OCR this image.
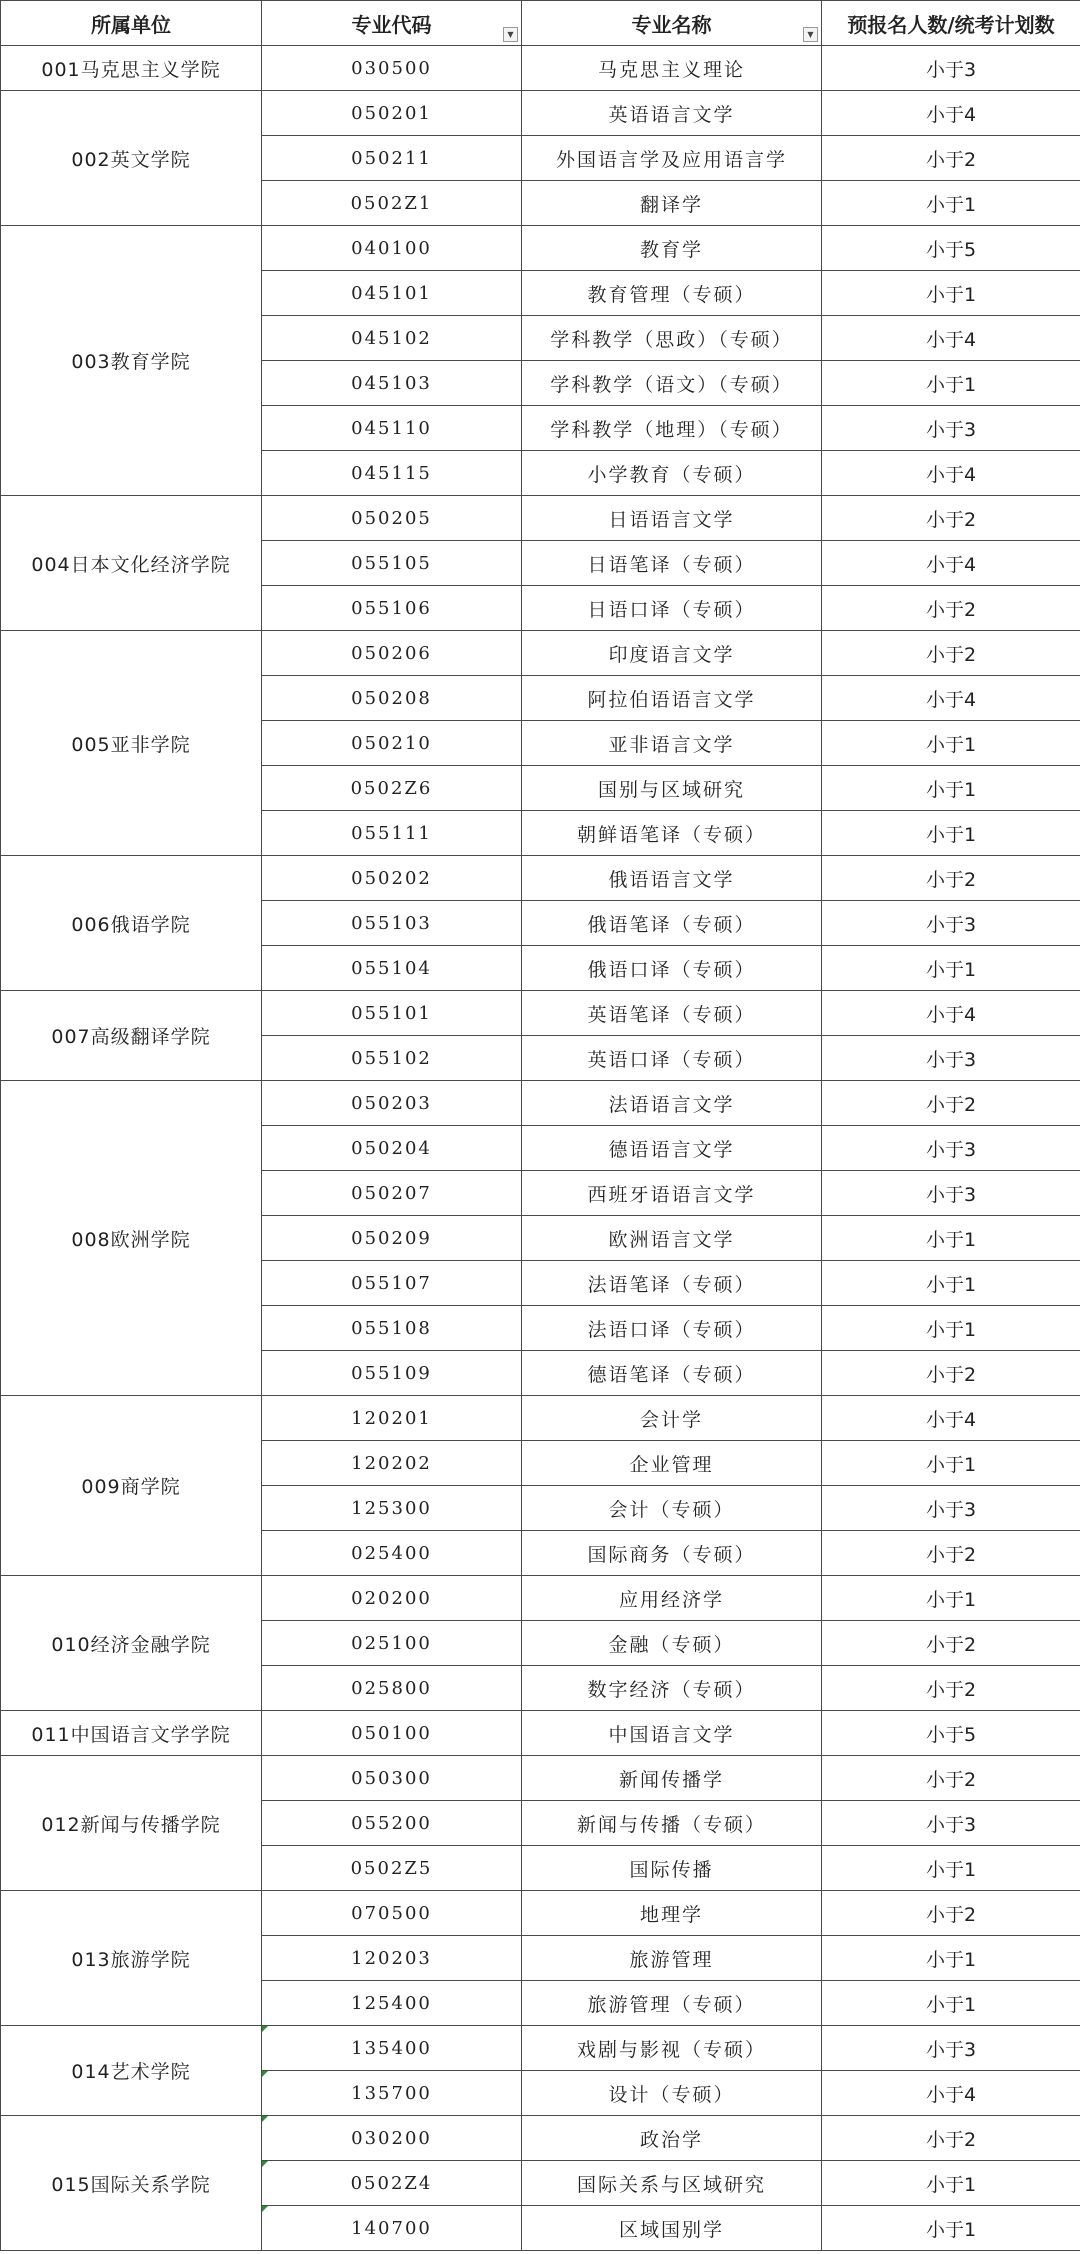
所属单位	专业代码 ▼	专业名称 ▼	预报名人数/统考计划数
001马克思主义学院	030500	马克思主义理论	小于3
002英文学院	050201	英语语言文学	小于4
	050211	外国语言学及应用语言学	小于2
	0502Z1	翻译学	小于1
003教育学院	040100	教育学	小于5
	045101	教育管理（专硕）	小于1
	045102	学科教学（思政）（专硕）	小于4
	045103	学科教学（语文）（专硕）	小于1
	045110	学科教学（地理）（专硕）	小于3
	045115	小学教育（专硕）	小于4
004日本文化经济学院	050205	日语语言文学	小于2
	055105	日语笔译（专硕）	小于4
	055106	日语口译（专硕）	小于2
005亚非学院	050206	印度语言文学	小于2
	050208	阿拉伯语语言文学	小于4
	050210	亚非语言文学	小于1
	0502Z6	国别与区域研究	小于1
	055111	朝鲜语笔译（专硕）	小于1
006俄语学院	050202	俄语语言文学	小于2
	055103	俄语笔译（专硕）	小于3
	055104	俄语口译（专硕）	小于1
007高级翻译学院	055101	英语笔译（专硕）	小于4
	055102	英语口译（专硕）	小于3
008欧洲学院	050203	法语语言文学	小于2
	050204	德语语言文学	小于3
	050207	西班牙语语言文学	小于3
	050209	欧洲语言文学	小于1
	055107	法语笔译（专硕）	小于1
	055108	法语口译（专硕）	小于1
	055109	德语笔译（专硕）	小于2
009商学院	120201	会计学	小于4
	120202	企业管理	小于1
	125300	会计（专硕）	小于3
	025400	国际商务（专硕）	小于2
010经济金融学院	020200	应用经济学	小于1
	025100	金融（专硕）	小于2
	025800	数字经济（专硕）	小于2
011中国语言文学学院	050100	中国语言文学	小于5
012新闻与传播学院	050300	新闻传播学	小于2
	055200	新闻与传播（专硕）	小于3
	0502Z5	国际传播	小于1
013旅游学院	070500	地理学	小于2
	120203	旅游管理	小于1
	125400	旅游管理（专硕）	小于1
014艺术学院	135400	戏剧与影视（专硕）	小于3
	135700	设计（专硕）	小于4
015国际关系学院	030200	政治学	小于2
	0502Z4	国际关系与区域研究	小于1
	140700	区域国别学	小于1
